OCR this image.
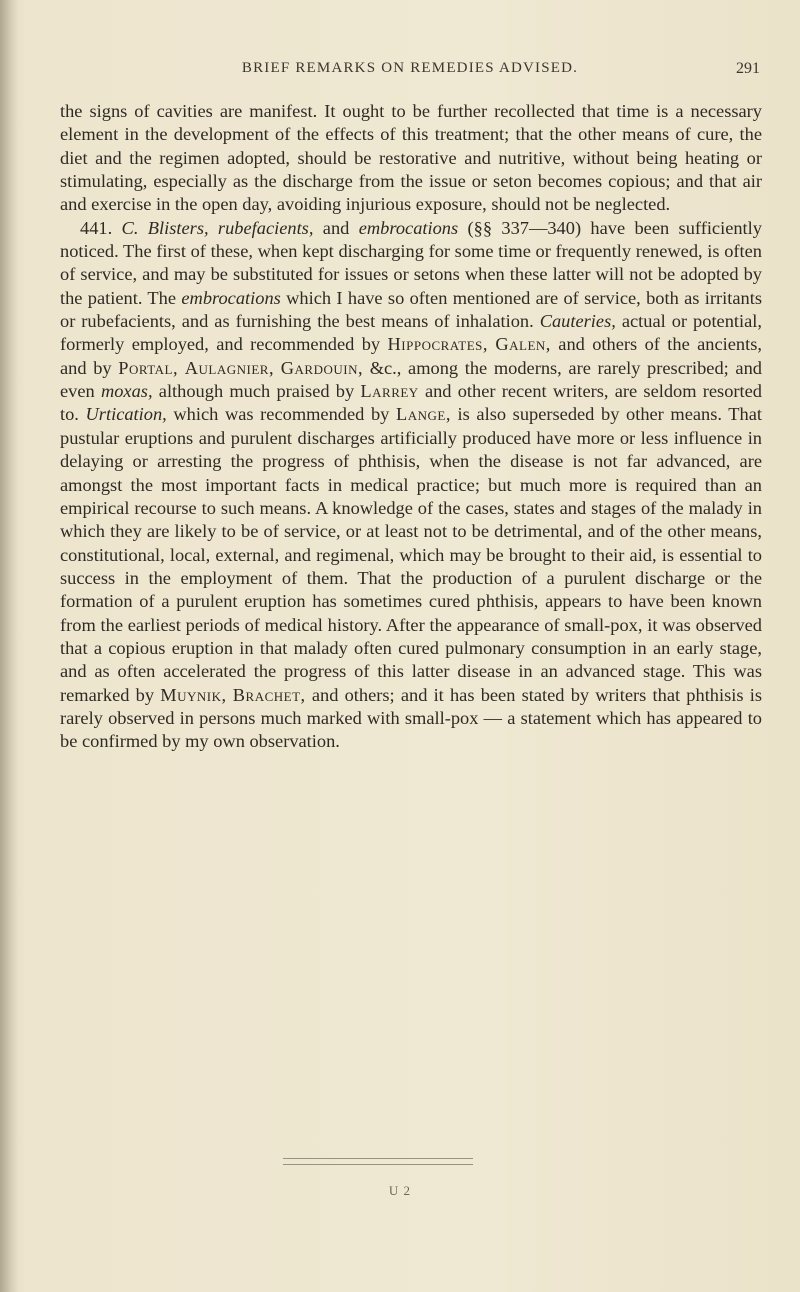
BRIEF REMARKS ON REMEDIES ADVISED.	291

the signs of cavities are manifest. It ought to be further recollected that time is a necessary element in the development of the effects of this treatment; that the other means of cure, the diet and the regimen adopted, should be restorative and nutritive, without being heating or stimulating, especially as the discharge from the issue or seton becomes copious; and that air and exercise in the open day, avoiding injurious exposure, should not be neglected.

441. C. Blisters, rubefacients, and embrocations (§§ 337—340) have been sufficiently noticed. The first of these, when kept discharging for some time or frequently renewed, is often of service, and may be substituted for issues or setons when these latter will not be adopted by the patient. The embrocations which I have so often mentioned are of service, both as irritants or rubefacients, and as furnishing the best means of inhalation. Cauteries, actual or potential, formerly employed, and recommended by Hippocrates, Galen, and others of the ancients, and by Portal, Aulagnier, Gardouin, &c., among the moderns, are rarely prescribed; and even moxas, although much praised by Larrey and other recent writers, are seldom resorted to. Urtication, which was recommended by Lange, is also superseded by other means. That pustular eruptions and purulent discharges artificially produced have more or less influence in delaying or arresting the progress of phthisis, when the disease is not far advanced, are amongst the most important facts in medical practice; but much more is required than an empirical recourse to such means. A knowledge of the cases, states and stages of the malady in which they are likely to be of service, or at least not to be detrimental, and of the other means, constitutional, local, external, and regimenal, which may be brought to their aid, is essential to success in the employment of them. That the production of a purulent discharge or the formation of a purulent eruption has sometimes cured phthisis, appears to have been known from the earliest periods of medical history. After the appearance of small-pox, it was observed that a copious eruption in that malady often cured pulmonary consumption in an early stage, and as often accelerated the progress of this latter disease in an advanced stage. This was remarked by Muynik, Brachet, and others; and it has been stated by writers that phthisis is rarely observed in persons much marked with small-pox — a statement which has appeared to be confirmed by my own observation.

U 2
